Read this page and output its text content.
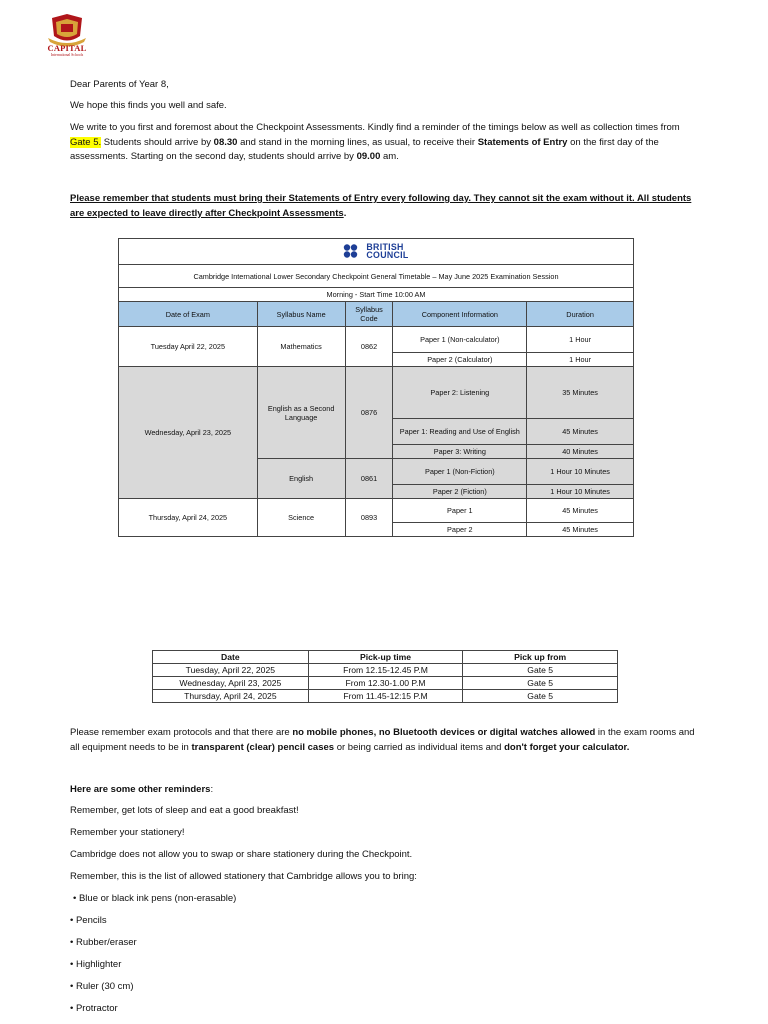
CAPITAL
International Schools

Dear Parents of Year 8,

We hope this finds you well and safe.

We write to you first and foremost about the Checkpoint Assessments. Kindly find a reminder of the timings below as well as collection times from Gate 5. Students should arrive by 08.30 and stand in the morning lines, as usual, to receive their Statements of Entry on the first day of the assessments. Starting on the second day, students should arrive by 09.00 am.

Please remember that students must bring their Statements of Entry every following day. They cannot sit the exam without it. All students are expected to leave directly after Checkpoint Assessments.

BRITISH
COUNCIL				

Cambridge International Lower Secondary Checkpoint General Timetable – May June 2025 Examination Session				
Morning - Start Time 10:00 AM				
Date of Exam	Syllabus Name	Syllabus Code	Component Information	Duration
Tuesday April 22, 2025	Mathematics	0862	Paper 1 (Non-calculator)	1 Hour
			Paper 2 (Calculator)	1 Hour
Wednesday, April 23, 2025	English as a Second Language	0876	Paper 2: Listening	35 Minutes
			Paper 1: Reading and Use of English	45 Minutes
			Paper 3: Writing	40 Minutes
	English	0861	Paper 1 (Non-Fiction)	1 Hour 10 Minutes
			Paper 2 (Fiction)	1 Hour 10 Minutes
Thursday, April 24, 2025	Science	0893	Paper 1	45 Minutes
			Paper 2	45 Minutes
Date	Pick-up time	Pick up from
Tuesday, April 22, 2025	From 12.15-12.45 P.M	Gate 5
Wednesday, April 23, 2025	From 12.30-1.00 P.M	Gate 5
Thursday, April 24, 2025	From 11.45-12:15 P.M	Gate 5

Please remember exam protocols and that there are no mobile phones, no Bluetooth devices or digital watches allowed in the exam rooms and all equipment needs to be in transparent (clear) pencil cases or being carried as individual items and don't forget your calculator.

Here are some other reminders:

Remember, get lots of sleep and eat a good breakfast!

Remember your stationery!

Cambridge does not allow you to swap or share stationery during the Checkpoint.

Remember, this is the list of allowed stationery that Cambridge allows you to bring:

• Blue or black ink pens (non-erasable)

• Pencils

• Rubber/eraser

• Highlighter

• Ruler (30 cm)

• Protractor
